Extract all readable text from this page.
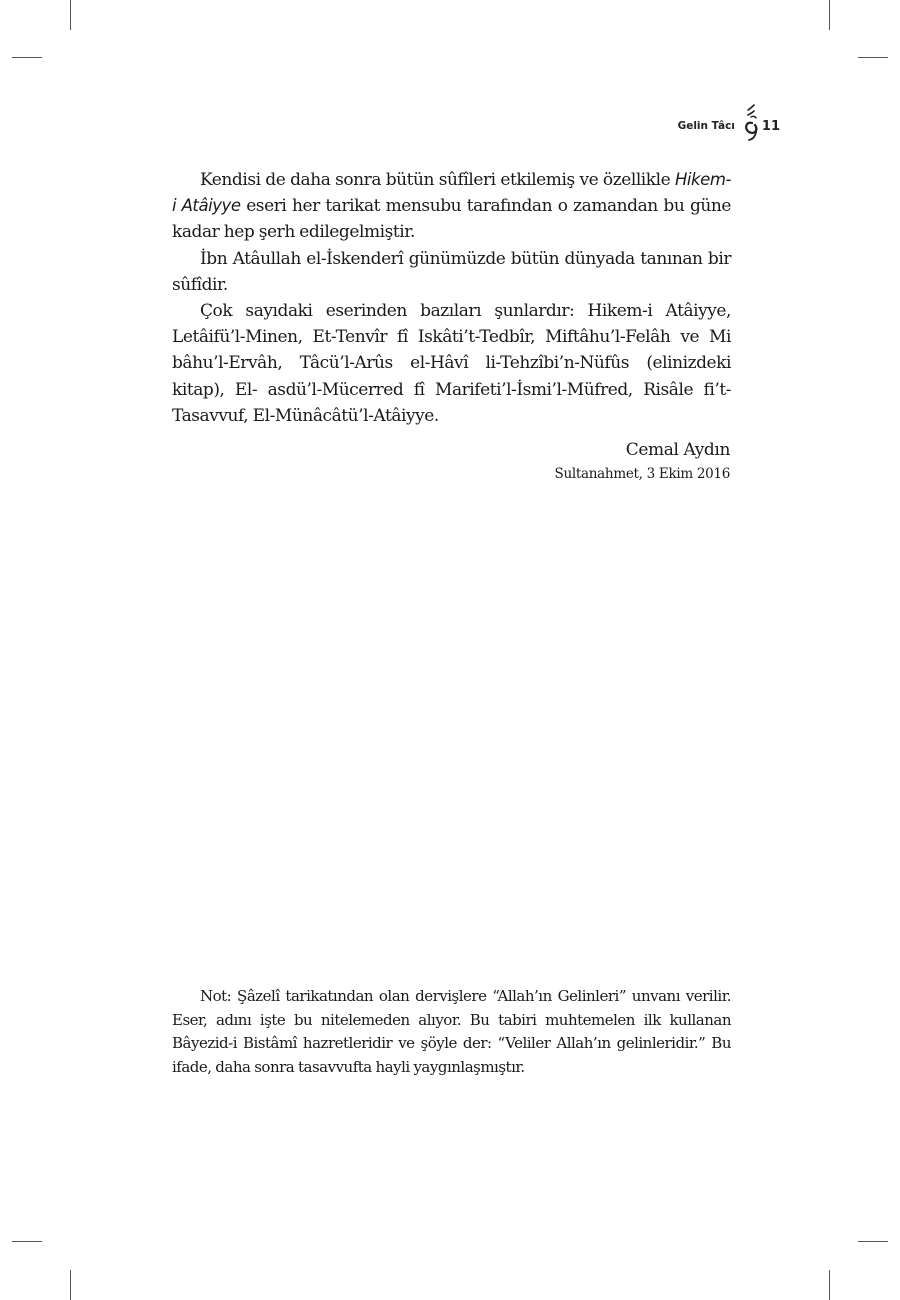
Gelin Tâcı 11

Kendisi de daha sonra bütün sûfîleri etkilemiş ve özellikle Hikem-i Atâiyye eseri her tarikat mensubu tarafından o zamandan bu güne kadar hep şerh edilegelmiştir.

İbn Atâullah el-İskenderî günümüzde bütün dünyada tanınan bir sûfîdir.

Çok sayıdaki eserinden bazıları şunlardır: Hikem-i Atâiyye, Letâifü’l-Minen, Et-Tenvîr fî Iskâti’t-Tedbîr, Miftâhu’l-Felâh ve Mi bâhu’l-Ervâh, Tâcü’l-Arûs el-Hâvî li-Tehzîbi’n-Nüfûs (elinizdeki kitap), El- asdü’l-Mücerred fî Marifeti’l-İsmi’l-Müfred, Risâle fi’t-Tasavvuf, El-Münâcâtü’l-Atâiyye.

Cemal Aydın
Sultanahmet, 3 Ekim 2016

Not: Şâzelî tarikatından olan dervişlere “Allah’ın Gelinleri” unvanı verilir. Eser, adını işte bu nitelemeden alıyor. Bu tabiri muhtemelen ilk kullanan Bâyezid-i Bistâmî hazretleridir ve şöyle der: “Veliler Allah’ın gelinleridir.” Bu ifade, daha sonra tasavvufta hayli yaygınlaşmıştır.
